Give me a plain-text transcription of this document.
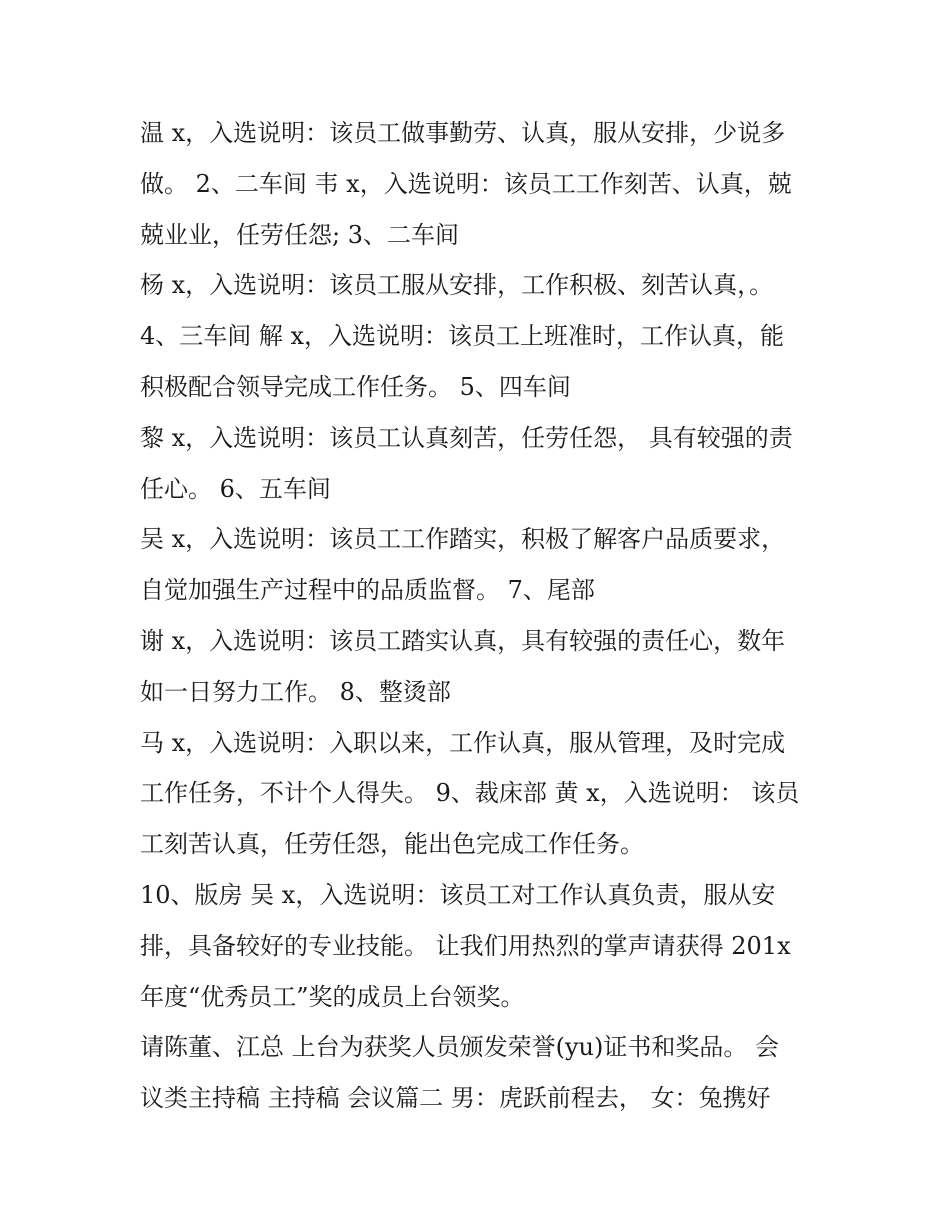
温 x，入选说明：该员工做事勤劳、认真，服从安排，少说多
做。 2、二车间 韦 x，入选说明：该员工工作刻苦、认真，兢
兢业业，任劳任怨; 3、二车间
杨 x，入选说明：该员工服从安排，工作积极、刻苦认真，。
4、三车间 解 x，入选说明：该员工上班准时，工作认真，能
积极配合领导完成工作任务。 5、四车间
黎 x，入选说明：该员工认真刻苦，任劳任怨， 具有较强的责
任心。 6、五车间
吴 x，入选说明：该员工工作踏实，积极了解客户品质要求，
自觉加强生产过程中的品质监督。 7、尾部
谢 x，入选说明：该员工踏实认真，具有较强的责任心，数年
如一日努力工作。 8、整烫部
马 x，入选说明：入职以来，工作认真，服从管理，及时完成
工作任务，不计个人得失。 9、裁床部 黄 x，入选说明： 该员
工刻苦认真，任劳任怨，能出色完成工作任务。
10、版房 吴 x，入选说明：该员工对工作认真负责，服从安
排，具备较好的专业技能。 让我们用热烈的掌声请获得 201x
年度“优秀员工”奖的成员上台领奖。
请陈董、江总 上台为获奖人员颁发荣誉(yu)证书和奖品。 会
议类主持稿 主持稿 会议篇二 男：虎跃前程去， 女：兔携好
